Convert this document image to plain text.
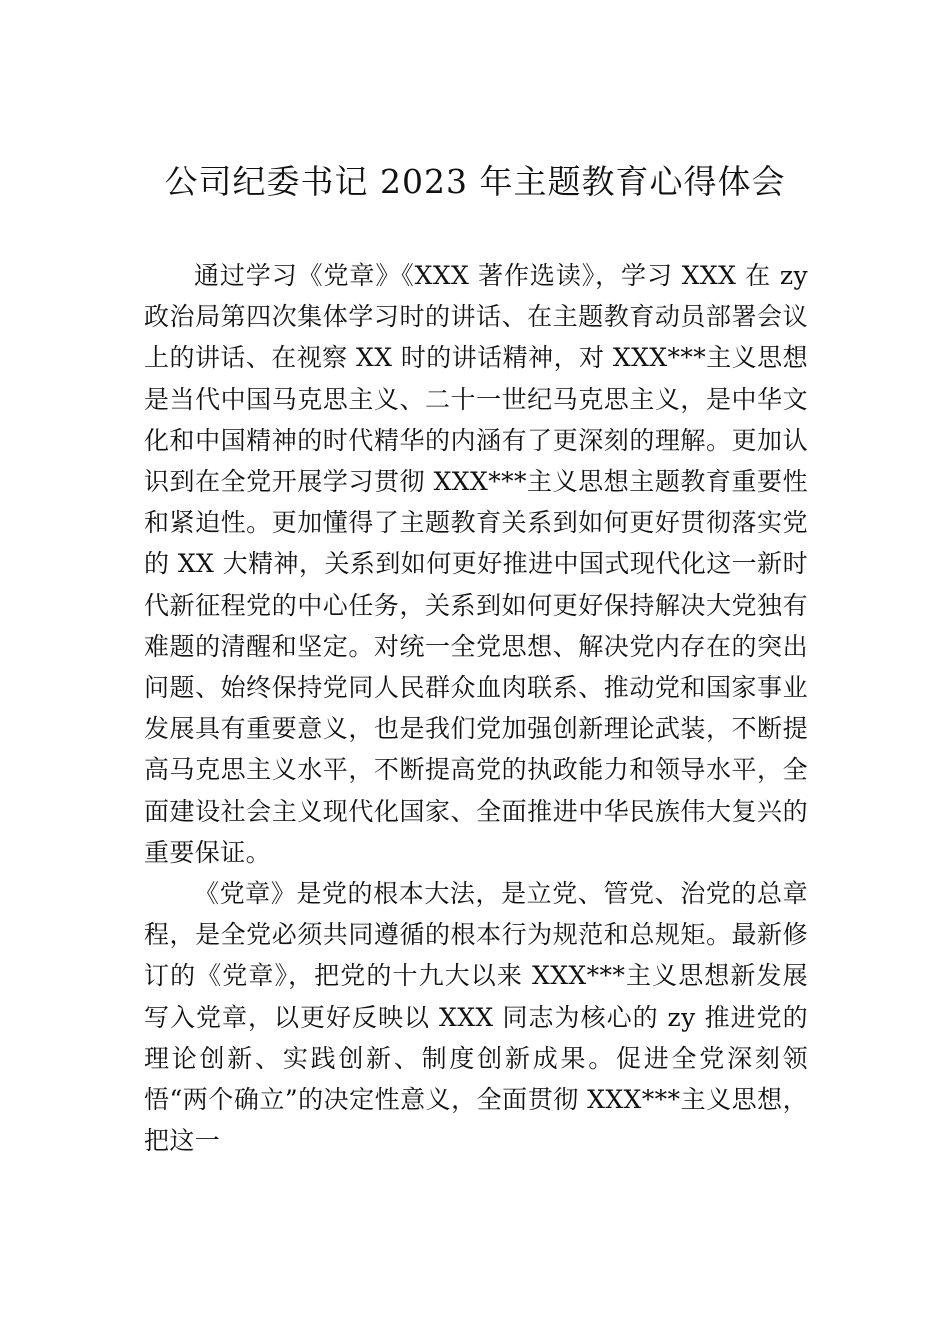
公司纪委书记 2023 年主题教育心得体会

通过学习《党章》《XXX 著作选读》，学习 XXX 在 zy 政治局第四次集体学习时的讲话、在主题教育动员部署会议上的讲话、在视察 XX 时的讲话精神，对 XXX***主义思想是当代中国马克思主义、二十一世纪马克思主义，是中华文化和中国精神的时代精华的内涵有了更深刻的理解。更加认识到在全党开展学习贯彻 XXX***主义思想主题教育重要性和紧迫性。更加懂得了主题教育关系到如何更好贯彻落实党的 XX 大精神，关系到如何更好推进中国式现代化这一新时代新征程党的中心任务，关系到如何更好保持解决大党独有难题的清醒和坚定。对统一全党思想、解决党内存在的突出问题、始终保持党同人民群众血肉联系、推动党和国家事业发展具有重要意义，也是我们党加强创新理论武装，不断提高马克思主义水平，不断提高党的执政能力和领导水平，全面建设社会主义现代化国家、全面推进中华民族伟大复兴的重要保证。

《党章》是党的根本大法，是立党、管党、治党的总章程，是全党必须共同遵循的根本行为规范和总规矩。最新修订的《党章》，把党的十九大以来 XXX***主义思想新发展写入党章，以更好反映以 XXX 同志为核心的 zy 推进党的理论创新、实践创新、制度创新成果。促进全党深刻领悟“两个确立”的决定性意义，全面贯彻 XXX***主义思想，把这一
